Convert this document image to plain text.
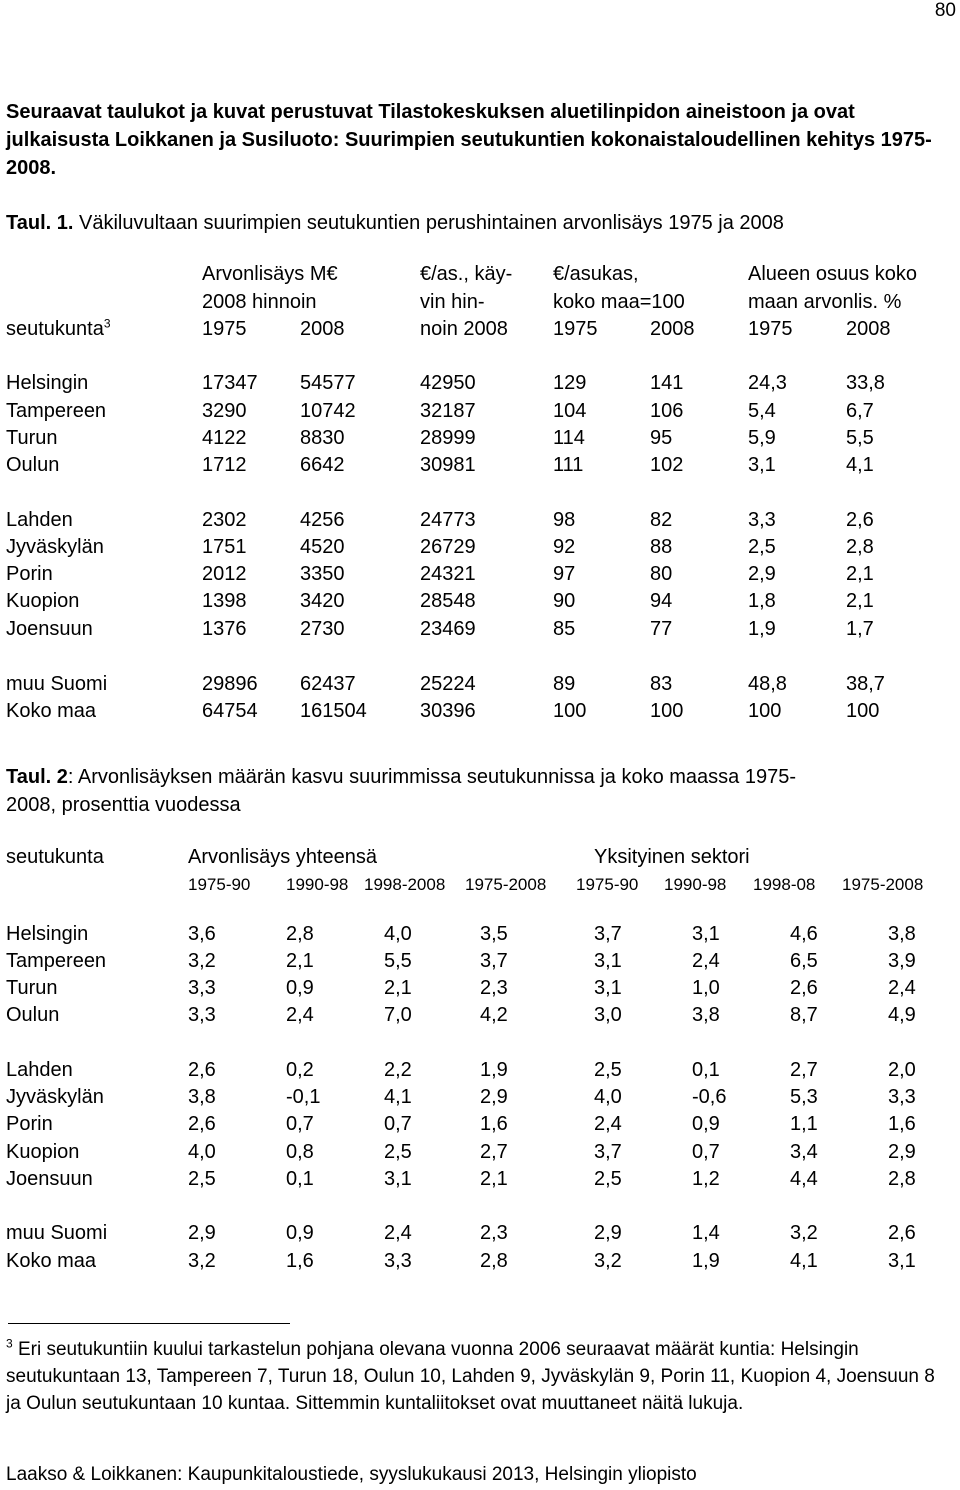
80
Seuraavat taulukot ja kuvat perustuvat Tilastokeskuksen aluetilinpidon aineistoon ja ovat julkaisusta Loikkanen ja Susiluoto: Suurimpien seutukuntien kokonaistaloudellinen kehitys 1975-2008.
Taul. 1. Väkiluvultaan suurimpien seutukuntien perushintainen arvonlisäys 1975 ja 2008
Arvonlisäys M€
2008 hinnoin
€/as., käy-
vin hin-
€/asukas,
koko maa=100
Alueen osuus koko
maan arvonlis. %
seutukunta$^3$	1975	2008	noin 2008 1975	2008	1975	2008
Helsingin	17347 54577	42950	129	141	24,3	33,8
Tampereen	3290	10742	32187	104	106	5,4	6,7
Turun	4122	8830	28999	114	95	5,9	5,5
Oulun	1712	6642	30981	111	102	3,1	4,1
Lahden	2302	4256	24773	98	82	3,3	2,6
Jyväskylän	1751	4520	26729	92	88	2,5	2,8
Porin	2012	3350	24321	97	80	2,9	2,1
Kuopion	1398	3420	28548	90	94	1,8	2,1
Joensuun	1376	2730	23469	85	77	1,9	1,7
muu Suomi	29896 62437	25224	89	83	48,8	38,7
Koko maa	64754 161504	30396	100	100	100	100
Taul. 2: Arvonlisäyksen määrän kasvu suurimmissa seutukunnissa ja koko maassa 1975-
2008, prosenttia vuodessa
seutukunta	Arvonlisäys yhteensä	Yksityinen sektori
1975-90 1990-98 1998-2008 1975-2008 1975-90 1990-98 1998-08 1975-2008
Helsingin	3,6	2,8	4,0	3,5	3,7	3,1	4,6	3,8
Tampereen	3,2	2,1	5,5	3,7	3,1	2,4	6,5	3,9
Turun	3,3	0,9	2,1	2,3	3,1	1,0	2,6	2,4
Oulun	3,3	2,4	7,0	4,2	3,0	3,8	8,7	4,9
Lahden	2,6	0,2	2,2	1,9	2,5	0,1	2,7	2,0
Jyväskylän	3,8	-0,1	4,1	2,9	4,0	-0,6	5,3	3,3
Porin	2,6	0,7	0,7	1,6	2,4	0,9	1,1	1,6
Kuopion	4,0	0,8	2,5	2,7	3,7	0,7	3,4	2,9
Joensuun	2,5	0,1	3,1	2,1	2,5	1,2	4,4	2,8
muu Suomi	2,9	0,9	2,4	2,3	2,9	1,4	3,2	2,6
Koko maa	3,2	1,6	3,3	2,8	3,2	1,9	4,1	3,1
$^3$ Eri seutukuntiin kuului tarkastelun pohjana olevana vuonna 2006 seuraavat määrät kuntia: Helsingin seutukuntaan 13, Tampereen 7, Turun 18, Oulun 10, Lahden 9, Jyväskylän 9, Porin 11, Kuopion 4, Joensuun 8 ja Oulun seutukuntaan 10 kuntaa. Sittemmin kuntaliitokset ovat muuttaneet näitä lukuja.
Laakso & Loikkanen: Kaupunkitaloustiede, syyslukukausi 2013, Helsingin yliopisto
